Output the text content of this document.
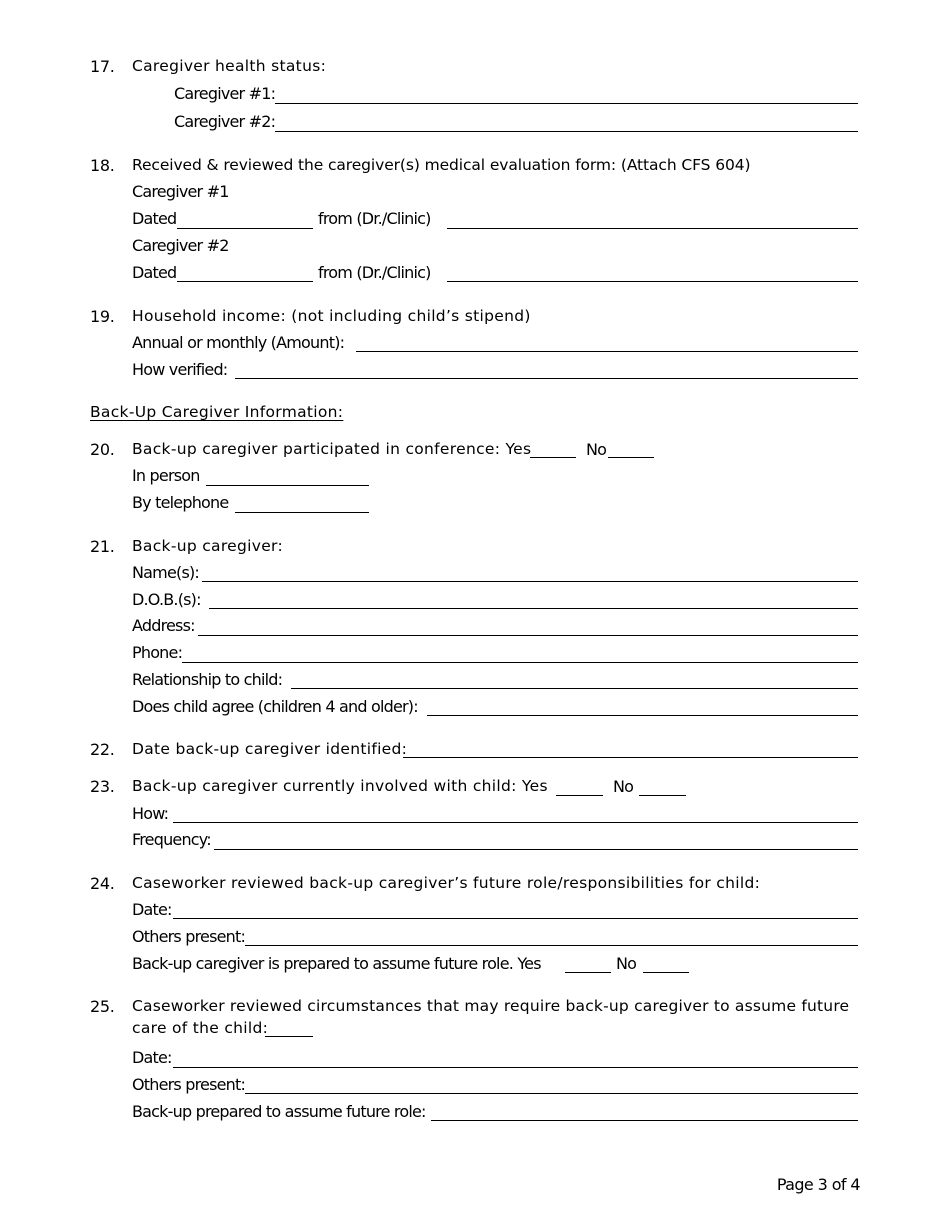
17. Caregiver health status:
Caregiver #1:
Caregiver #2:
18. Received & reviewed the caregiver(s) medical evaluation form: (Attach CFS 604)
Caregiver #1
Dated	from (Dr./Clinic)
Caregiver #2
Dated	from (Dr./Clinic)
19. Household income: (not including child’s stipend)
Annual or monthly (Amount):
How verified:
Back-Up Caregiver Information:
20. Back-up caregiver participated in conference: Yes	No
In person
By telephone
21. Back-up caregiver:
Name(s):
D.O.B.(s):
Address:
Phone:
Relationship to child:
Does child agree (children 4 and older):
22. Date back-up caregiver identified:
23. Back-up caregiver currently involved with child: Yes	No
How:
Frequency:
24. Caseworker reviewed back-up caregiver’s future role/responsibilities for child:
Date:
Others present:
Back-up caregiver is prepared to assume future role. Yes	No
25. Caseworker reviewed circumstances that may require back-up caregiver to assume future
care of the child:
Date:
Others present:
Back-up prepared to assume future role:
Page 3 of 4
